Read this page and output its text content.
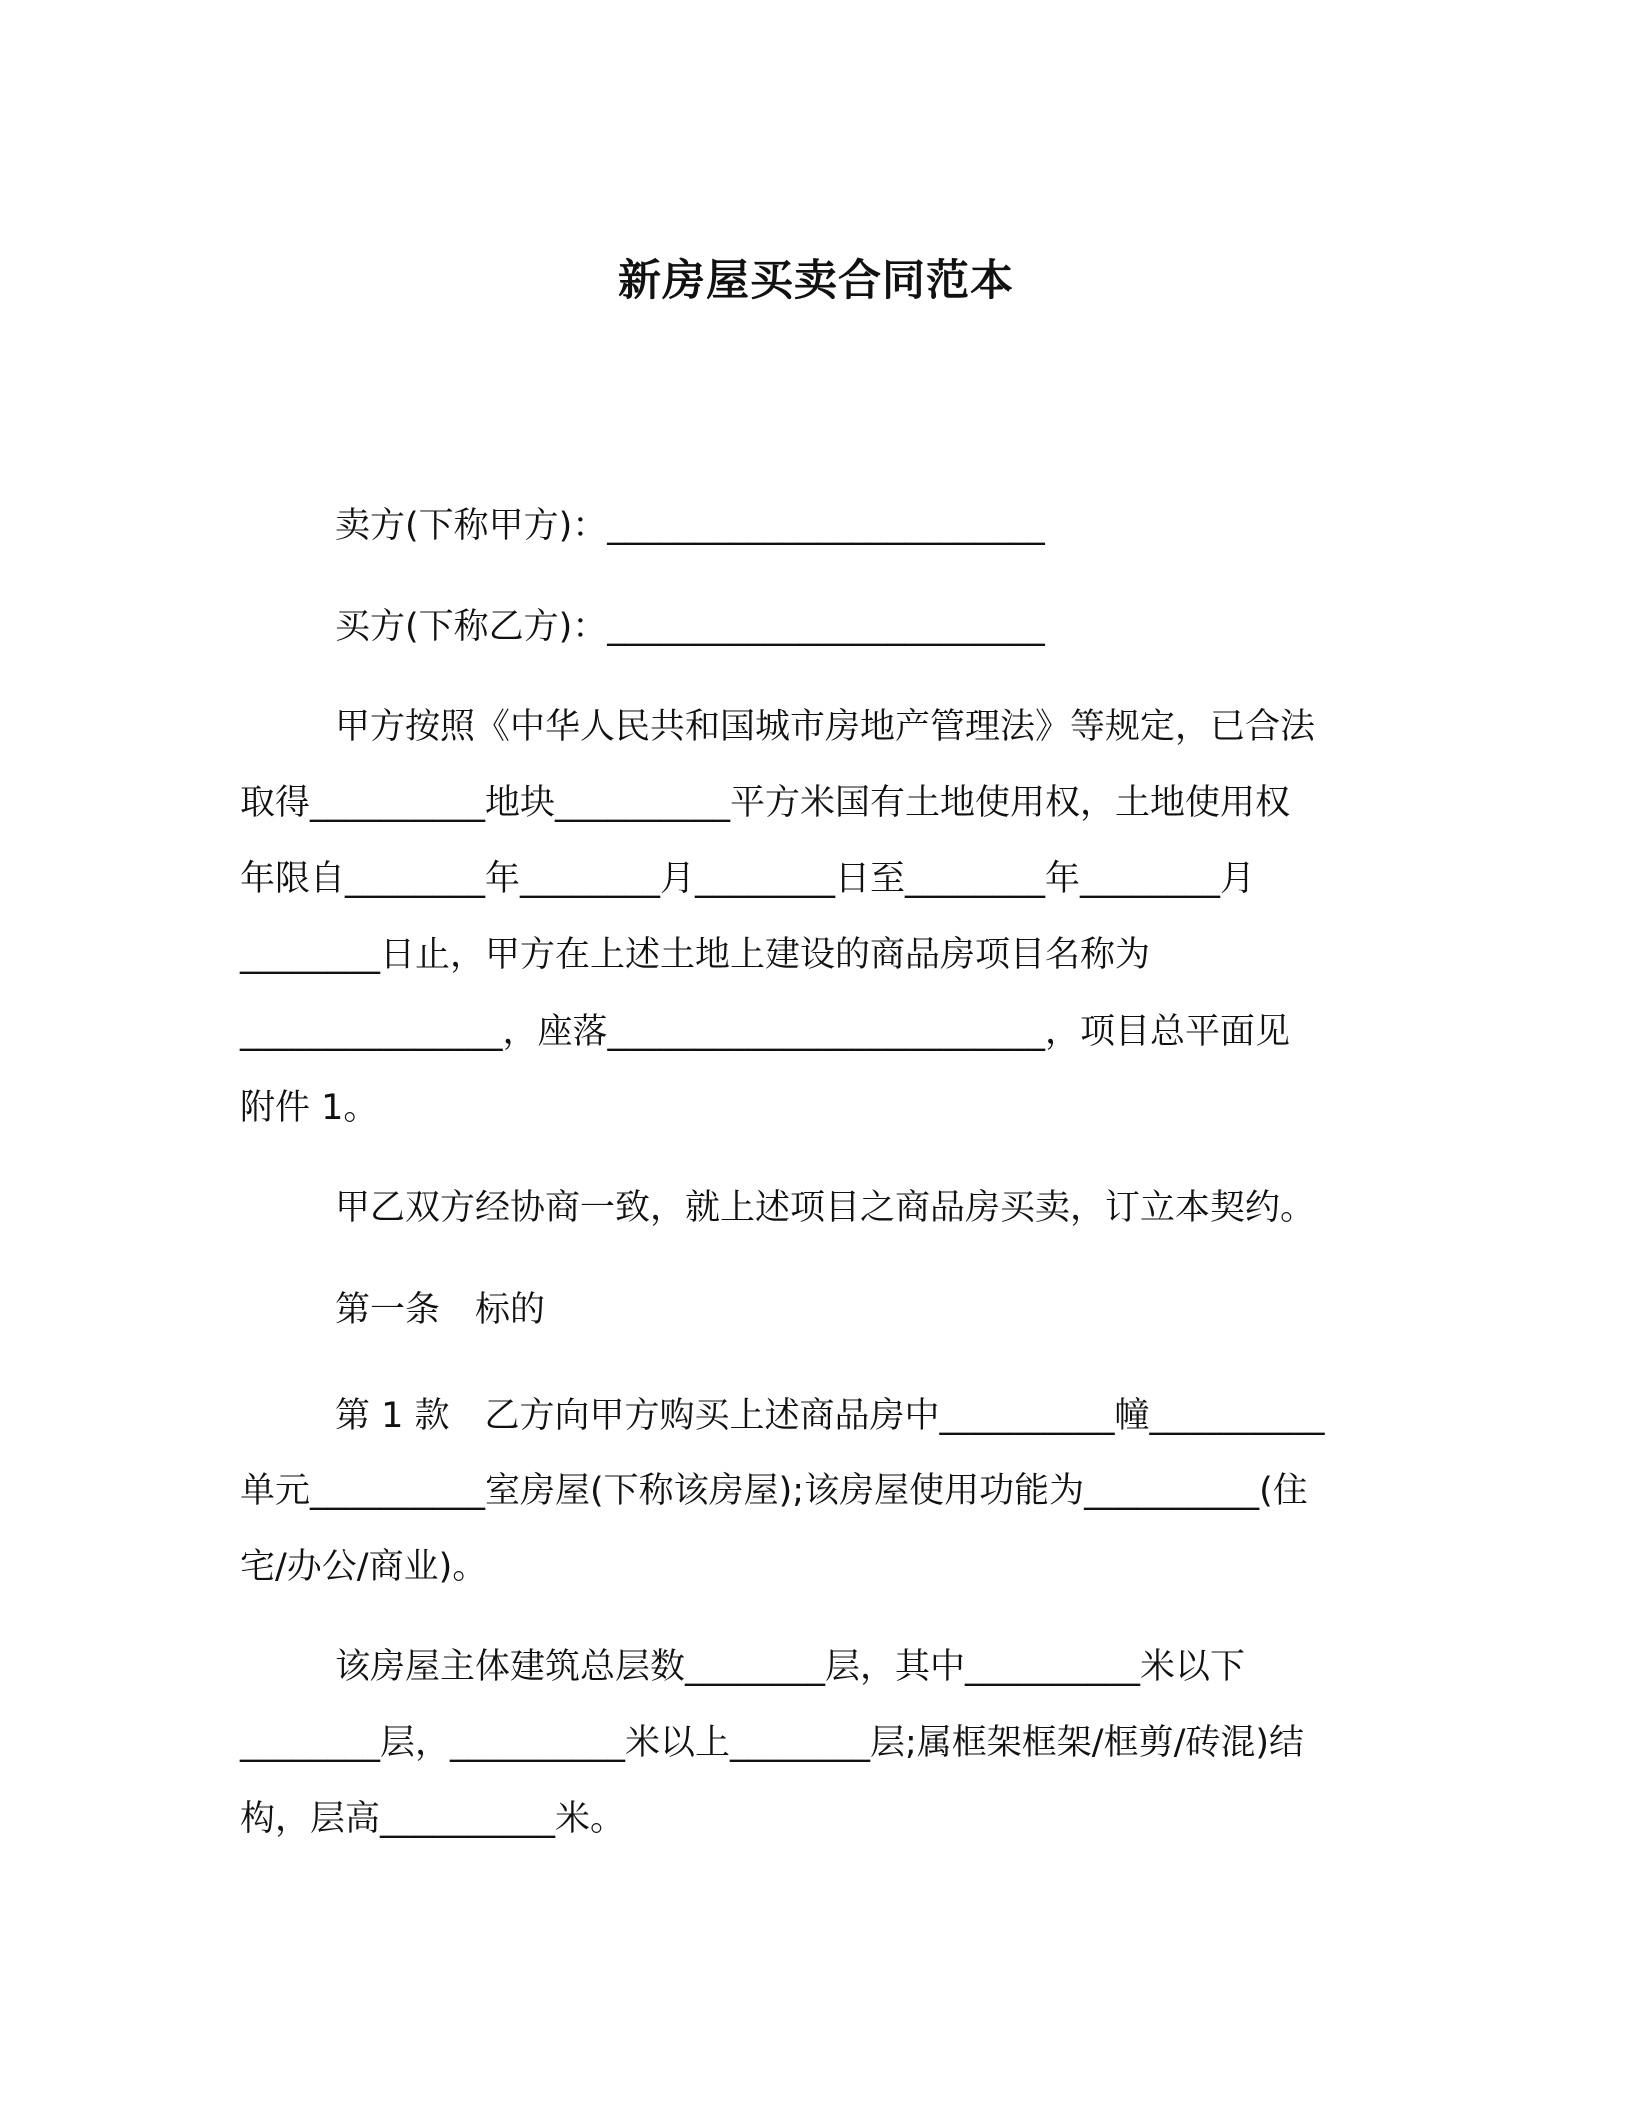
新房屋买卖合同范本

卖方(下称甲方)：_________________________

买方(下称乙方)：_________________________

甲方按照《中华人民共和国城市房地产管理法》等规定，已合法

取得__________地块__________平方米国有土地使用权，土地使用权

年限自________年________月________日至________年________月

________日止，甲方在上述土地上建设的商品房项目名称为

_______________，座落_________________________，项目总平面见

附件 1。

甲乙双方经协商一致，就上述项目之商品房买卖，订立本契约。

第一条　标的

第 1 款　乙方向甲方购买上述商品房中__________幢__________

单元__________室房屋(下称该房屋);该房屋使用功能为__________(住

宅/办公/商业)。

该房屋主体建筑总层数________层，其中__________米以下

________层，__________米以上________层;属框架框架/框剪/砖混)结

构，层高__________米。
